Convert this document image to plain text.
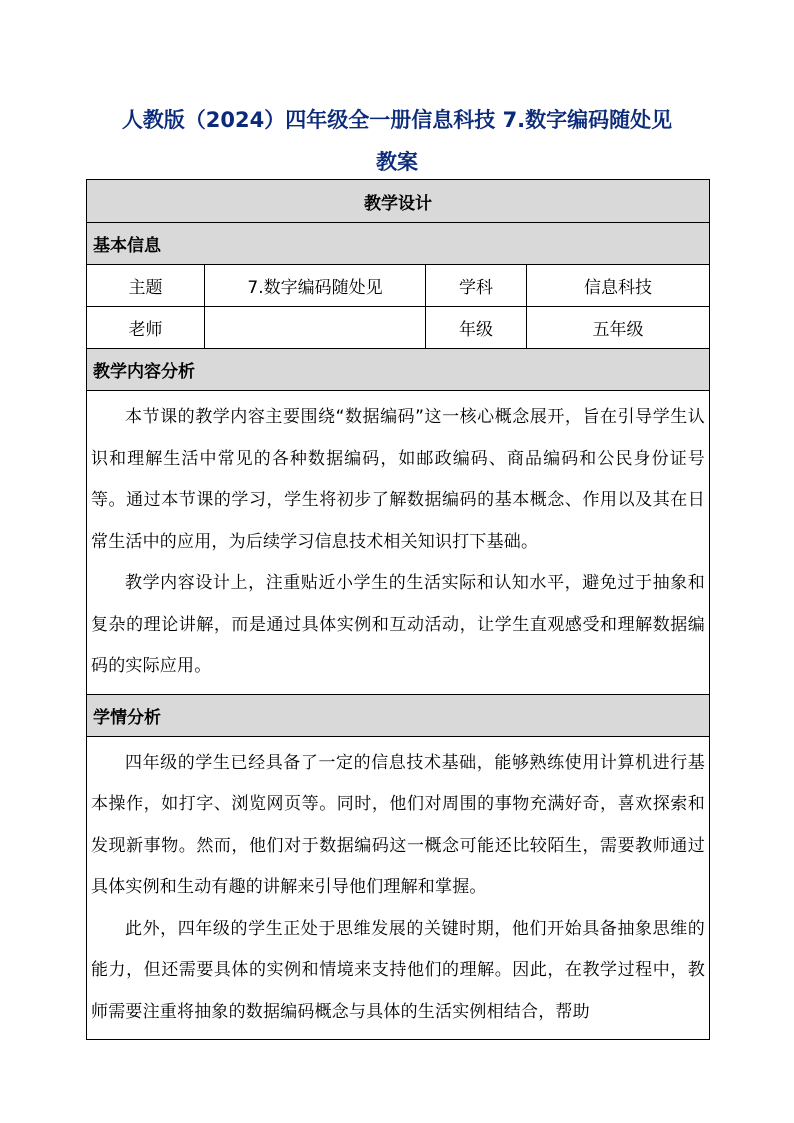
人教版（2024）四年级全一册信息科技 7.数字编码随处见
教案
教学设计			
基本信息			
主题	7.数字编码随处见	学科	信息科技
老师		年级	五年级
教学内容分析			

本节课的教学内容主要围绕“数据编码”这一核心概念展开，旨在引导学生认识和理解生活中常见的各种数据编码，如邮政编码、商品编码和公民身份证号等。通过本节课的学习，学生将初步了解数据编码的基本概念、作用以及其在日常生活中的应用，为后续学习信息技术相关知识打下基础。

教学内容设计上，注重贴近小学生的生活实际和认知水平，避免过于抽象和复杂的理论讲解，而是通过具体实例和互动活动，让学生直观感受和理解数据编码的实际应用。			

学情分析			

四年级的学生已经具备了一定的信息技术基础，能够熟练使用计算机进行基本操作，如打字、浏览网页等。同时，他们对周围的事物充满好奇，喜欢探索和发现新事物。然而，他们对于数据编码这一概念可能还比较陌生，需要教师通过具体实例和生动有趣的讲解来引导他们理解和掌握。

此外，四年级的学生正处于思维发展的关键时期，他们开始具备抽象思维的能力，但还需要具体的实例和情境来支持他们的理解。因此，在教学过程中，教师需要注重将抽象的数据编码概念与具体的生活实例相结合，帮助			
